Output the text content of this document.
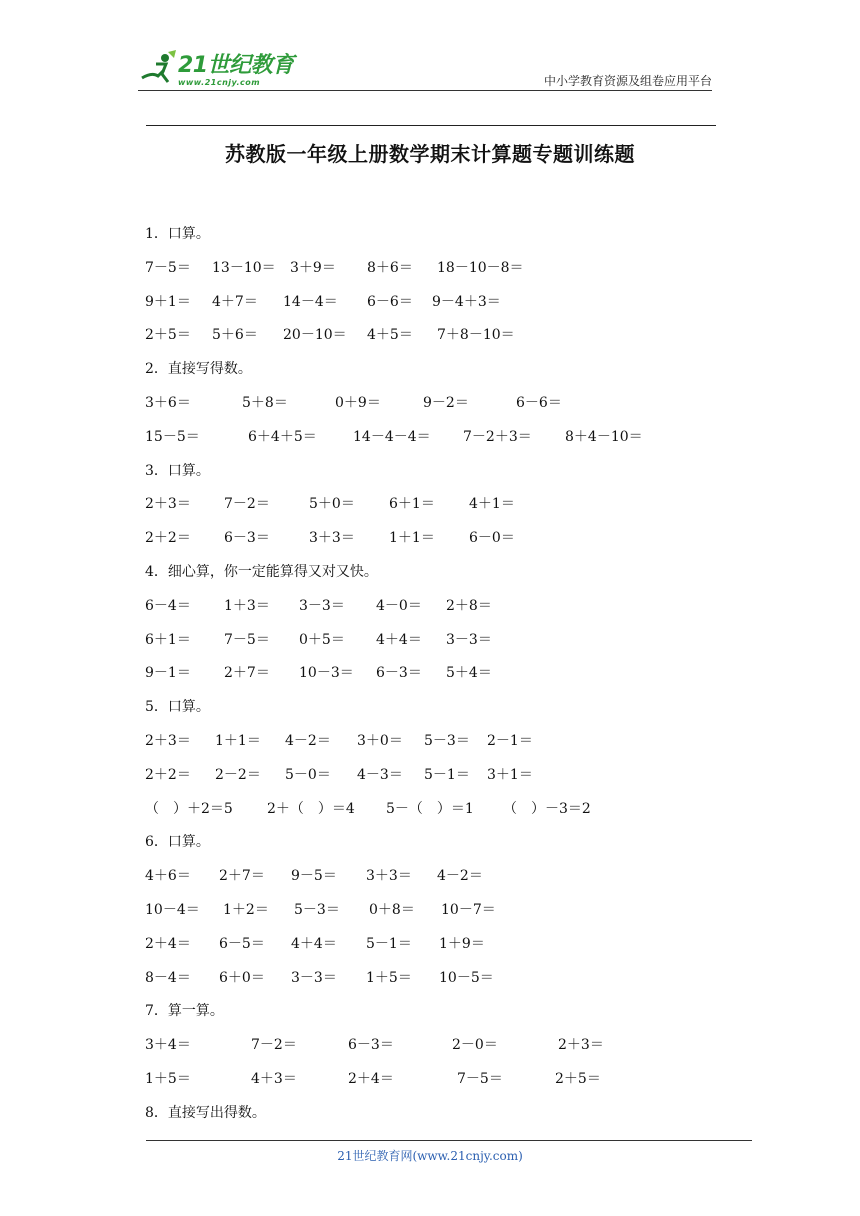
21世纪教育
www.21cnjy.com	中小学教育资源及组卷应用平台
苏教版一年级上册数学期末计算题专题训练题
1．口算。
7－5＝ 13－10＝ 3＋9＝ 8＋6＝ 18－10－8＝
9＋1＝ 4＋7＝ 14－4＝ 6－6＝ 9－4＋3＝
2＋5＝ 5＋6＝ 20－10＝ 4＋5＝ 7＋8－10＝
2．直接写得数。
3＋6＝	5＋8＝	0＋9＝	9－2＝	6－6＝
15－5＝	6＋4＋5＝	14－4－4＝ 7－2＋3＝ 8＋4－10＝
3．口算。
2＋3＝ 7－2＝	5＋0＝ 6＋1＝ 4＋1＝
2＋2＝ 6－3＝	3＋3＝ 1＋1＝ 6－0＝
4．细心算，你一定能算得又对又快。
6－4＝ 1＋3＝ 3－3＝ 4－0＝ 2＋8＝
6＋1＝ 7－5＝ 0＋5＝ 4＋4＝ 3－3＝
9－1＝ 2＋7＝ 10－3＝ 6－3＝ 5＋4＝
5．口算。
2＋3＝ 1＋1＝ 4－2＝ 3＋0＝ 5－3＝ 2－1＝
2＋2＝ 2－2＝ 5－0＝ 4－3＝ 5－1＝ 3＋1＝
（　）＋2＝5 2＋（　）＝4 5－（　）＝1 （　）－3＝2
6．口算。
4＋6＝ 2＋7＝ 9－5＝ 3＋3＝ 4－2＝
10－4＝ 1＋2＝ 5－3＝ 0＋8＝ 10－7＝
2＋4＝ 6－5＝ 4＋4＝ 5－1＝ 1＋9＝
8－4＝ 6＋0＝ 3－3＝ 1＋5＝ 10－5＝
7．算一算。
3＋4＝	7－2＝	6－3＝	2－0＝	2＋3＝
1＋5＝	4＋3＝	2＋4＝	7－5＝	2＋5＝
8．直接写出得数。
21世纪教育网(www.21cnjy.com)
